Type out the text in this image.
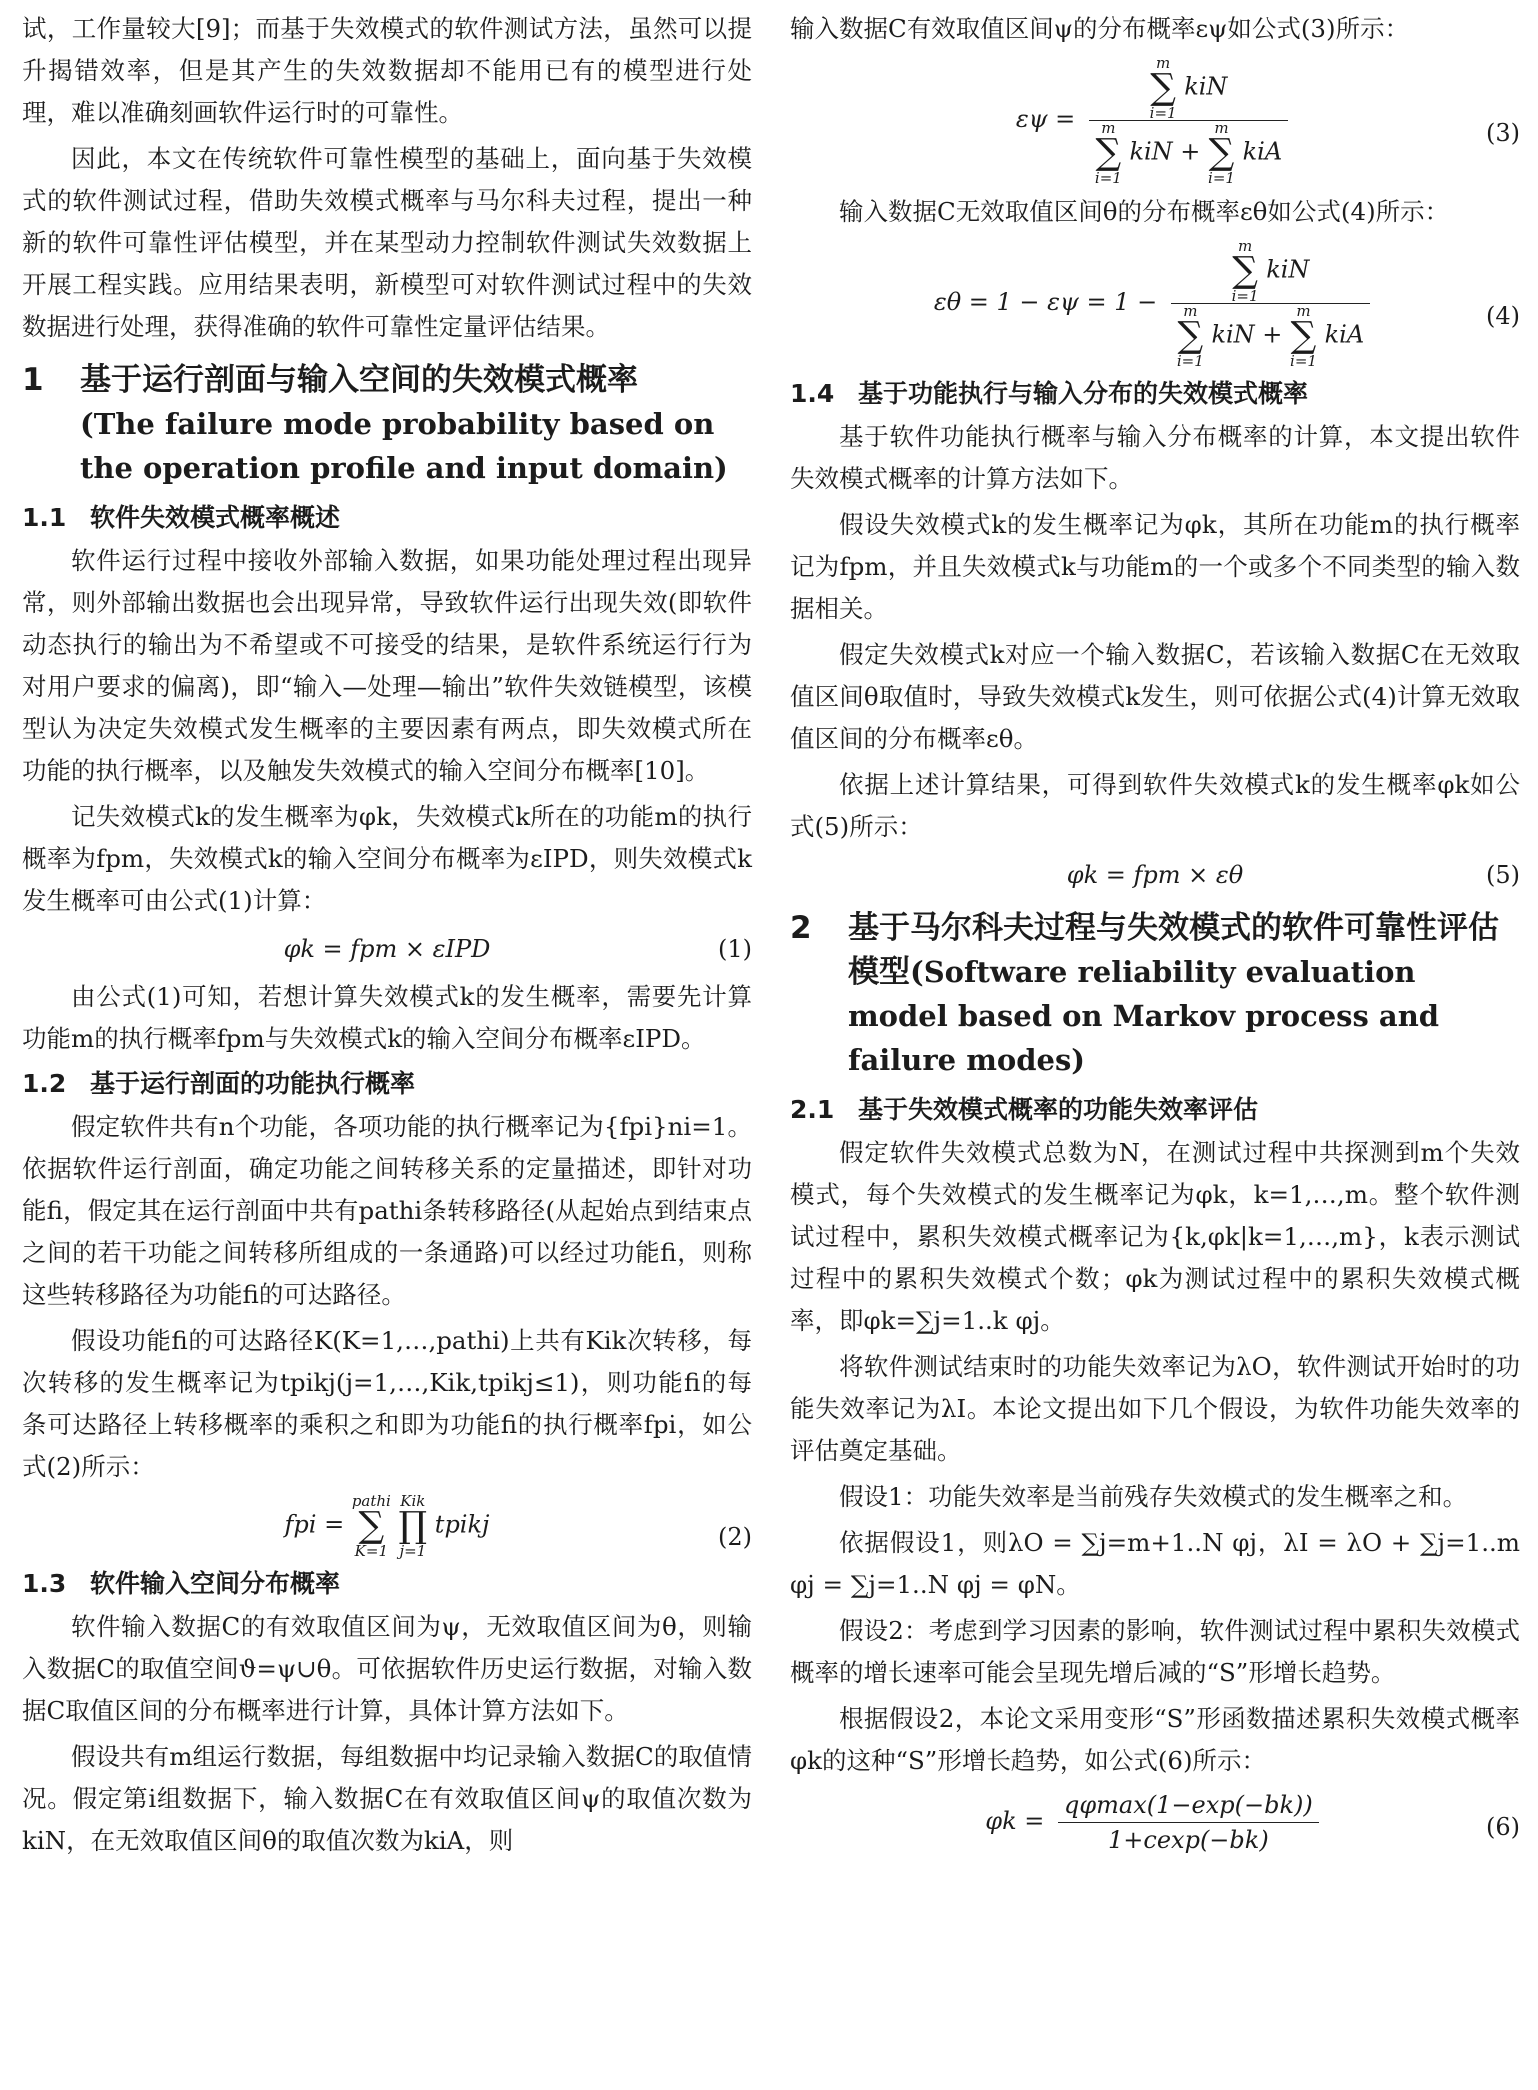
试，工作量较大[9]；而基于失效模式的软件测试方法，虽然可以提升揭错效率，但是其产生的失效数据却不能用已有的模型进行处理，难以准确刻画软件运行时的可靠性。

因此，本文在传统软件可靠性模型的基础上，面向基于失效模式的软件测试过程，借助失效模式概率与马尔科夫过程，提出一种新的软件可靠性评估模型，并在某型动力控制软件测试失效数据上开展工程实践。应用结果表明，新模型可对软件测试过程中的失效数据进行处理，获得准确的软件可靠性定量评估结果。

1	基于运行剖面与输入空间的失效模式概率
(The failure mode probability based on the operation profile and input domain)
1.1 软件失效模式概率概述

软件运行过程中接收外部输入数据，如果功能处理过程出现异常，则外部输出数据也会出现异常，导致软件运行出现失效(即软件动态执行的输出为不希望或不可接受的结果，是软件系统运行行为对用户要求的偏离)，即“输入—处理—输出”软件失效链模型，该模型认为决定失效模式发生概率的主要因素有两点，即失效模式所在功能的执行概率，以及触发失效模式的输入空间分布概率[10]。

记失效模式k的发生概率为φk，失效模式k所在的功能m的执行概率为fpm，失效模式k的输入空间分布概率为εIPD，则失效模式k发生概率可由公式(1)计算：

φk = fpm × εIPD	(1)

由公式(1)可知，若想计算失效模式k的发生概率，需要先计算功能m的执行概率fpm与失效模式k的输入空间分布概率εIPD。

1.2 基于运行剖面的功能执行概率

假定软件共有n个功能，各项功能的执行概率记为{fpi}ni=1。依据软件运行剖面，确定功能之间转移关系的定量描述，即针对功能fi，假定其在运行剖面中共有pathi条转移路径(从起始点到结束点之间的若干功能之间转移所组成的一条通路)可以经过功能fi，则称这些转移路径为功能fi的可达路径。

假设功能fi的可达路径K(K=1,…,pathi)上共有Kik次转移，每次转移的发生概率记为tpikj(j=1,…,Kik,tpikj≤1)，则功能fi的每条可达路径上转移概率的乘积之和即为功能fi的执行概率fpi，如公式(2)所示：

fpi = pathi
∑
K=1 Kik
∏
j=1 tpikj	(2)
1.3 软件输入空间分布概率

软件输入数据C的有效取值区间为ψ，无效取值区间为θ，则输入数据C的取值空间ϑ=ψ∪θ。可依据软件历史运行数据，对输入数据C取值区间的分布概率进行计算，具体计算方法如下。

假设共有m组运行数据，每组数据中均记录输入数据C的取值情况。假定第i组数据下，输入数据C在有效取值区间ψ的取值次数为kiN，在无效取值区间θ的取值次数为kiA，则

输入数据C有效取值区间ψ的分布概率εψ如公式(3)所示：

εψ = m
∑
i=1 kiN
m
∑
i=1 kiN + m
∑
i=1 kiA	(3)

输入数据C无效取值区间θ的分布概率εθ如公式(4)所示：

εθ = 1 − εψ = 1 − m
∑
i=1 kiN
m
∑
i=1 kiN + m
∑
i=1 kiA	(4)
1.4 基于功能执行与输入分布的失效模式概率

基于软件功能执行概率与输入分布概率的计算，本文提出软件失效模式概率的计算方法如下。

假设失效模式k的发生概率记为φk，其所在功能m的执行概率记为fpm，并且失效模式k与功能m的一个或多个不同类型的输入数据相关。

假定失效模式k对应一个输入数据C，若该输入数据C在无效取值区间θ取值时，导致失效模式k发生，则可依据公式(4)计算无效取值区间的分布概率εθ。

依据上述计算结果，可得到软件失效模式k的发生概率φk如公式(5)所示：

φk = fpm × εθ	(5)
2	基于马尔科夫过程与失效模式的软件可靠性评估模型(Software reliability evaluation model based on Markov process and failure modes)
2.1 基于失效模式概率的功能失效率评估

假定软件失效模式总数为N，在测试过程中共探测到m个失效模式，每个失效模式的发生概率记为φk，k=1,…,m。整个软件测试过程中，累积失效模式概率记为{k,φk|k=1,…,m}，k表示测试过程中的累积失效模式个数；φk为测试过程中的累积失效模式概率，即φk=∑j=1..k φj。

将软件测试结束时的功能失效率记为λO，软件测试开始时的功能失效率记为λI。本论文提出如下几个假设，为软件功能失效率的评估奠定基础。

假设1：功能失效率是当前残存失效模式的发生概率之和。

依据假设1，则λO = ∑j=m+1..N φj，λI = λO + ∑j=1..m φj = ∑j=1..N φj = φN。

假设2：考虑到学习因素的影响，软件测试过程中累积失效模式概率的增长速率可能会呈现先增后减的“S”形增长趋势。

根据假设2，本论文采用变形“S”形函数描述累积失效模式概率φk的这种“S”形增长趋势，如公式(6)所示：

$\varphi k = \frac{q\varphi\max(1-\exp(-bk))}{1+cexp(-bk)}$	(6)
